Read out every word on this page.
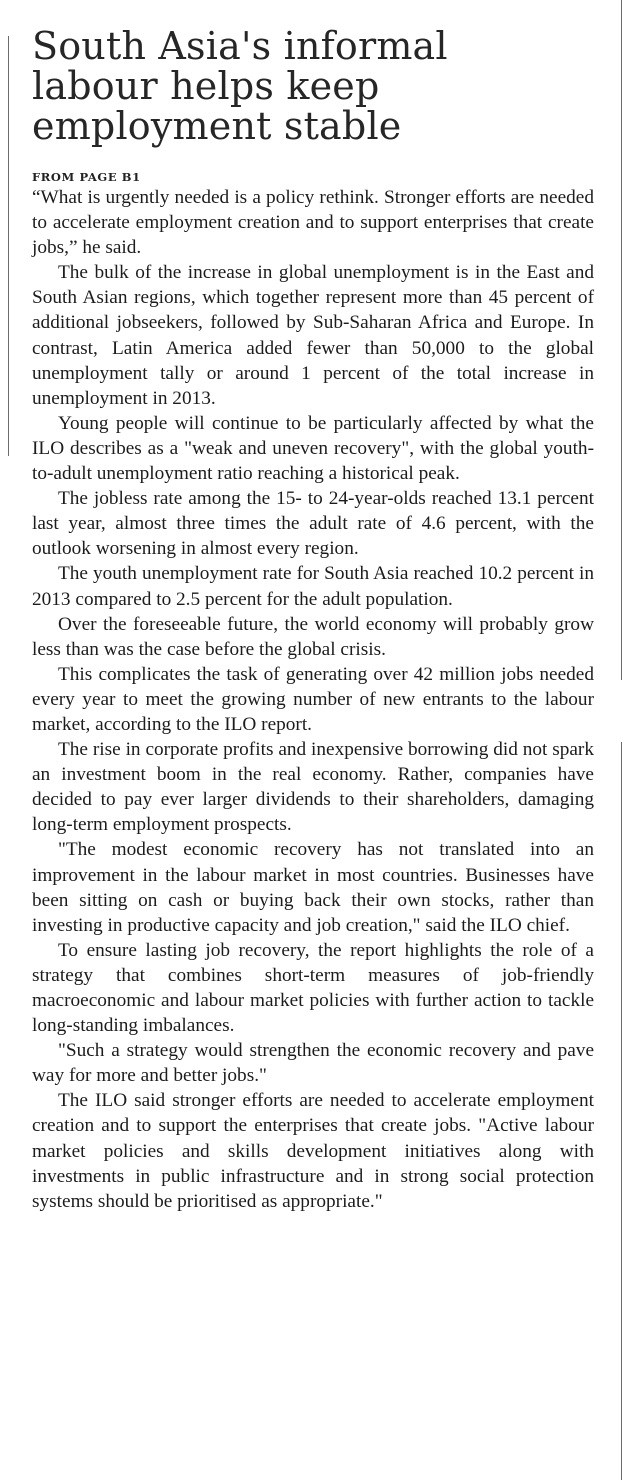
South Asia's informal
labour helps keep
employment stable
FROM PAGE B1

“What is urgently needed is a policy rethink. Stronger efforts are needed to accelerate employment creation and to support enterprises that create jobs,” he said.

The bulk of the increase in global unemployment is in the East and South Asian regions, which together represent more than 45 percent of additional jobseekers, followed by Sub-Saharan Africa and Europe. In contrast, Latin America added fewer than 50,000 to the global unemployment tally or around 1 percent of the total increase in unemployment in 2013.

Young people will continue to be particularly affected by what the ILO describes as a "weak and uneven recovery", with the global youth-to-adult unemployment ratio reaching a historical peak.

The jobless rate among the 15- to 24-year-olds reached 13.1 percent last year, almost three times the adult rate of 4.6 percent, with the outlook worsening in almost every region.

The youth unemployment rate for South Asia reached 10.2 percent in 2013 compared to 2.5 percent for the adult population.

Over the foreseeable future, the world economy will probably grow less than was the case before the global crisis.

This complicates the task of generating over 42 million jobs needed every year to meet the growing number of new entrants to the labour market, according to the ILO report.

The rise in corporate profits and inexpensive borrowing did not spark an investment boom in the real economy. Rather, companies have decided to pay ever larger dividends to their shareholders, damaging long-term employment prospects.

"The modest economic recovery has not translated into an improvement in the labour market in most countries. Businesses have been sitting on cash or buying back their own stocks, rather than investing in productive capacity and job creation," said the ILO chief.

To ensure lasting job recovery, the report highlights the role of a strategy that combines short-term measures of job-friendly macroeconomic and labour market policies with further action to tackle long-standing imbalances.

"Such a strategy would strengthen the economic recovery and pave way for more and better jobs."

The ILO said stronger efforts are needed to accelerate employment creation and to support the enterprises that create jobs. "Active labour market policies and skills development initiatives along with investments in public infrastructure and in strong social protection systems should be prioritised as appropriate."
